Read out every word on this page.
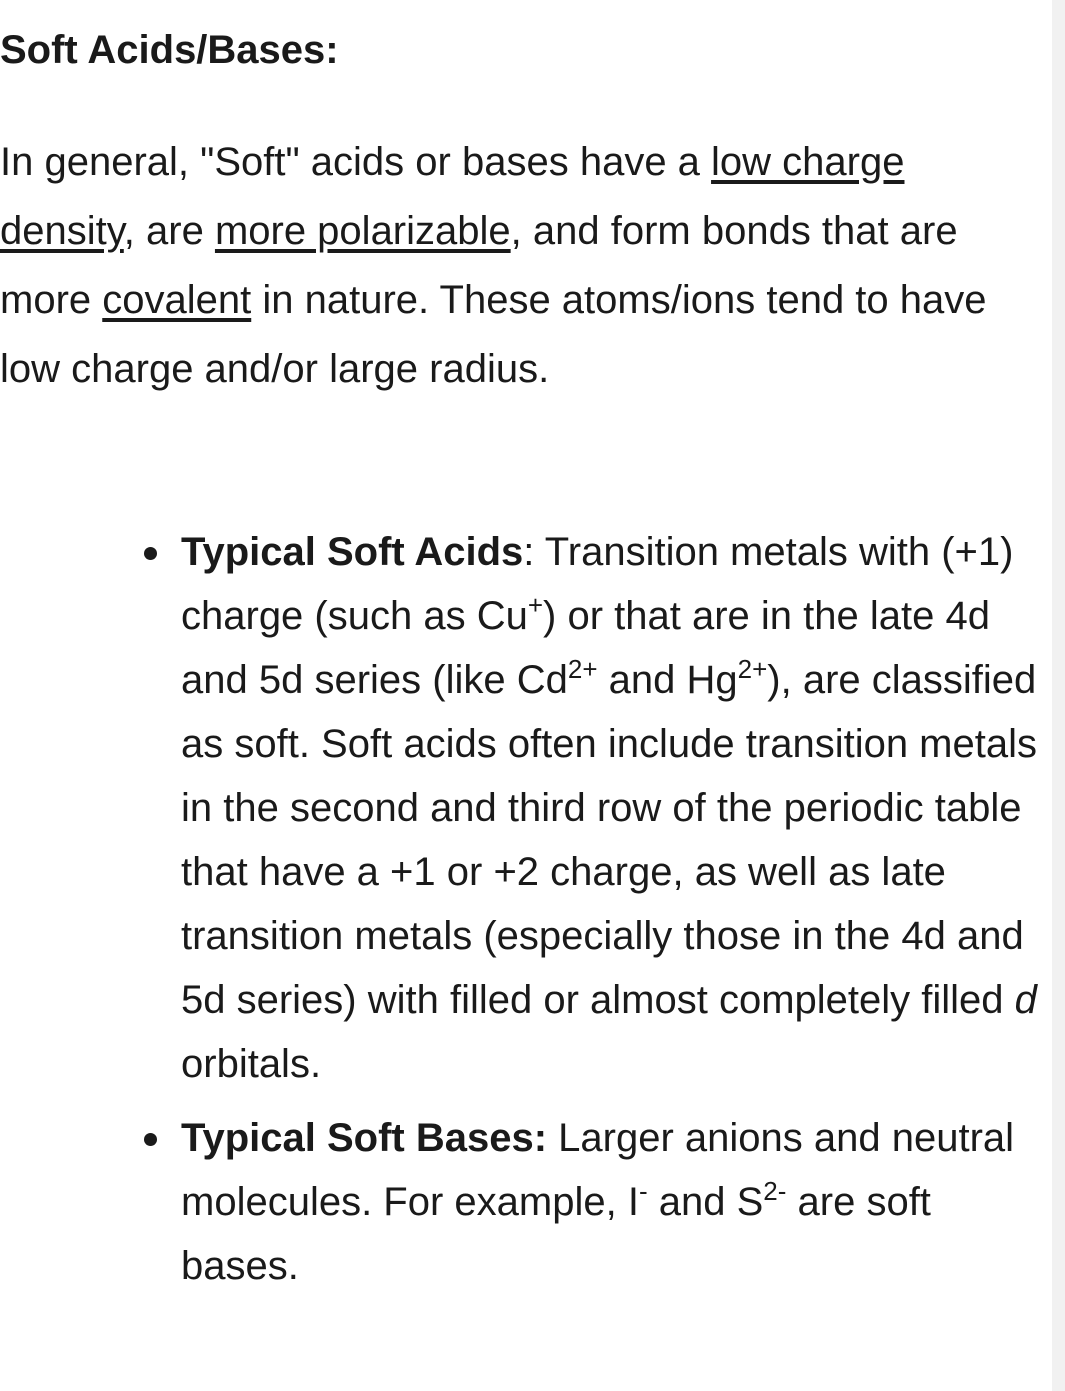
Soft Acids/Bases:

In general, "Soft" acids or bases have a low charge density, are more polarizable, and form bonds that are more covalent in nature. These atoms/ions tend to have low charge and/or large radius.

Typical Soft Acids: Transition metals with (+1) charge (such as Cu+) or that are in the late 4d and 5d series (like $Cd^{2+}$ and $Hg^{2+}$), are classified as soft. Soft acids often include transition metals in the second and third row of the periodic table that have a +1 or +2 charge, as well as late transition metals (especially those in the 4d and 5d series) with filled or almost completely filled d orbitals.
Typical Soft Bases: Larger anions and neutral molecules. For example, I- and $S^{2-}$ are soft bases.
